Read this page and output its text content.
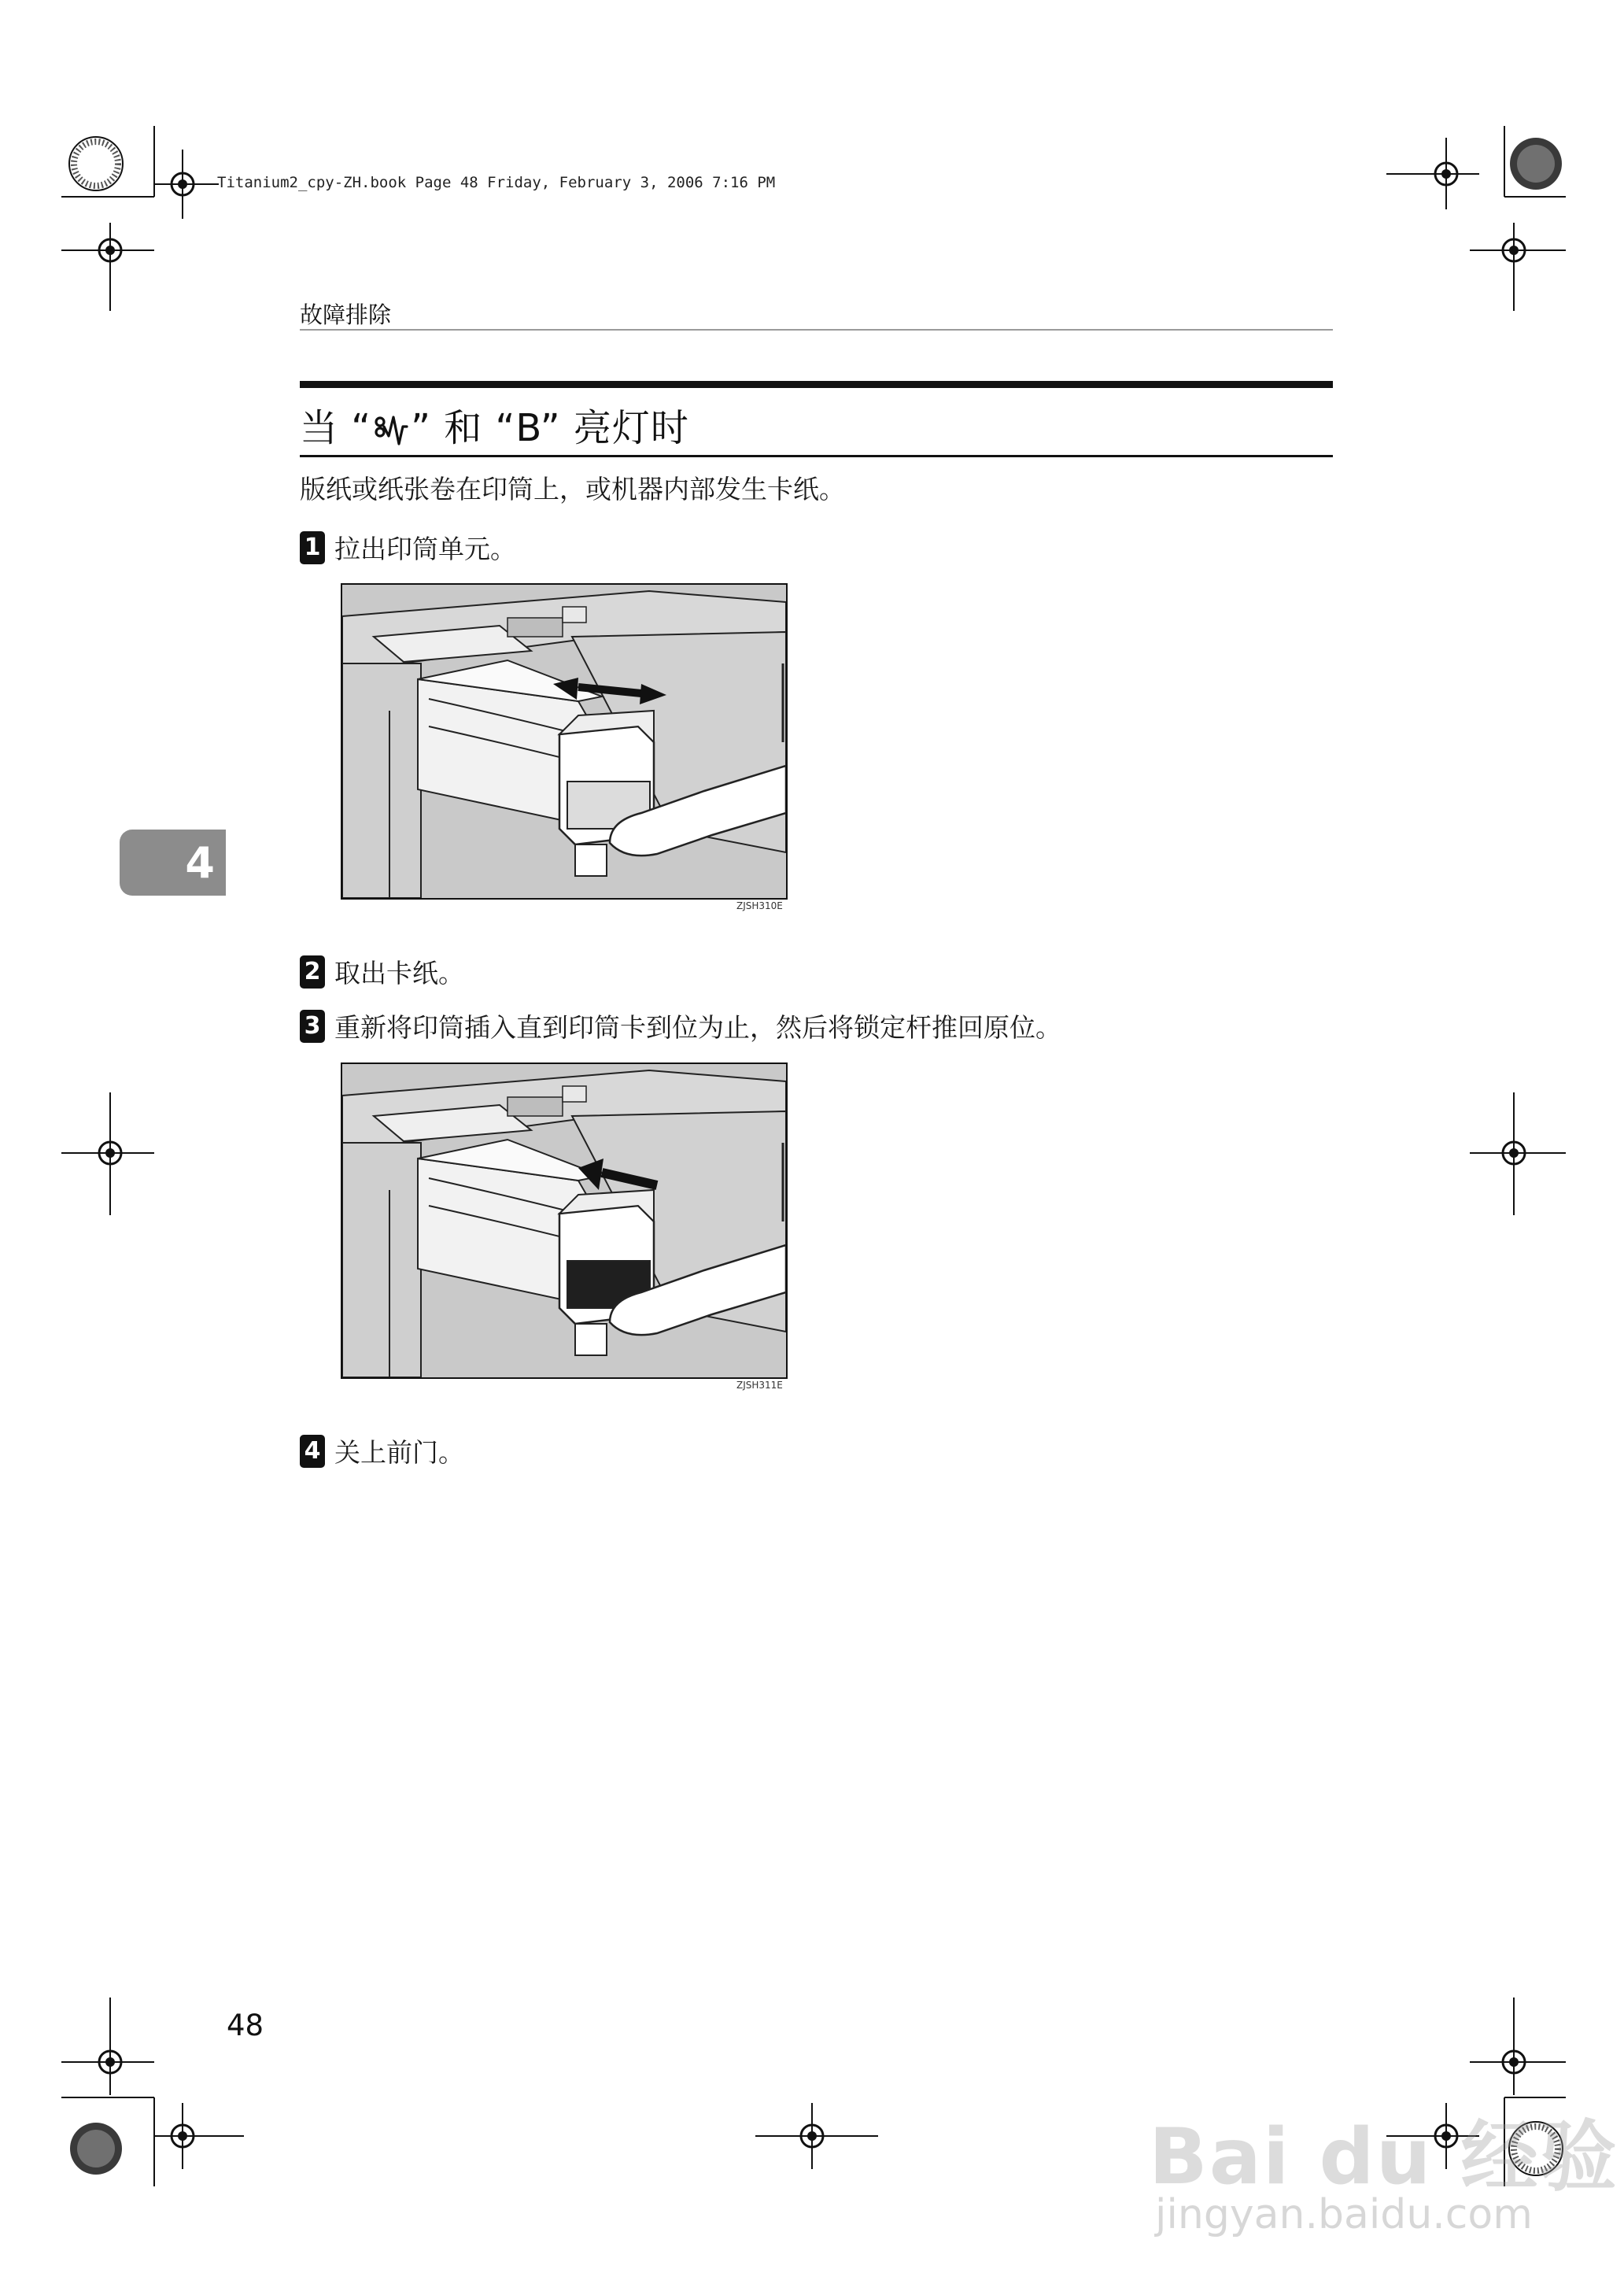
Titanium2_cpy-ZH.book Page 48 Friday, February 3, 2006 7:16 PM
故障排除
当 “ ” 和 “B” 亮灯时
版纸或纸张卷在印筒上，或机器内部发生卡纸。
1 拉出印筒单元。
ZJSH310E
2 取出卡纸。
3 重新将印筒插入直到印筒卡到位为止，然后将锁定杆推回原位。
ZJSH311E
4 关上前门。
4
48
Bai du 经验
jingyan.baidu.com
